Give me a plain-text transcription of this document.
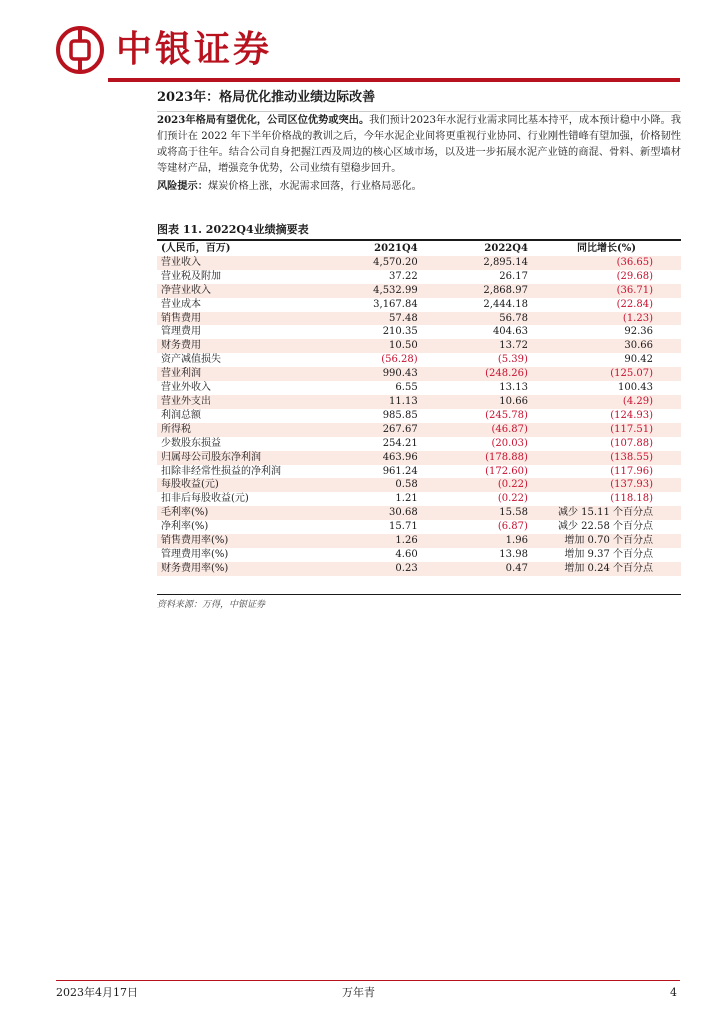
中银证券
2023年：格局优化推动业绩边际改善

2023年格局有望优化，公司区位优势或突出。我们预计2023年水泥行业需求同比基本持平，成本预计稳中小降。我们预计在 2022 年下半年价格战的教训之后，今年水泥企业间将更重视行业协同、行业刚性错峰有望加强，价格韧性或将高于往年。结合公司自身把握江西及周边的核心区域市场，以及进一步拓展水泥产业链的商混、骨料、新型墙材等建材产品，增强竞争优势，公司业绩有望稳步回升。

风险提示：煤炭价格上涨，水泥需求回落，行业格局恶化。

图表 11. 2022Q4业绩摘要表
(人民币，百万)	2021Q4	2022Q4	同比增长(%)
营业收入	4,570.20	2,895.14	(36.65)
营业税及附加	37.22	26.17	(29.68)
净营业收入	4,532.99	2,868.97	(36.71)
营业成本	3,167.84	2,444.18	(22.84)
销售费用	57.48	56.78	(1.23)
管理费用	210.35	404.63	92.36
财务费用	10.50	13.72	30.66
资产减值损失	(56.28)	(5.39)	90.42
营业利润	990.43	(248.26)	(125.07)
营业外收入	6.55	13.13	100.43
营业外支出	11.13	10.66	(4.29)
利润总额	985.85	(245.78)	(124.93)
所得税	267.67	(46.87)	(117.51)
少数股东损益	254.21	(20.03)	(107.88)
归属母公司股东净利润	463.96	(178.88)	(138.55)
扣除非经常性损益的净利润	961.24	(172.60)	(117.96)
每股收益(元)	0.58	(0.22)	(137.93)
扣非后每股收益(元)	1.21	(0.22)	(118.18)
毛利率(%)	30.68	15.58	减少 15.11 个百分点
净利率(%)	15.71	(6.87)	减少 22.58 个百分点
销售费用率(%)	1.26	1.96	增加 0.70 个百分点
管理费用率(%)	4.60	13.98	增加 9.37 个百分点
财务费用率(%)	0.23	0.47	增加 0.24 个百分点
资料来源：万得，中银证券
2023年4月17日	万年青	4
